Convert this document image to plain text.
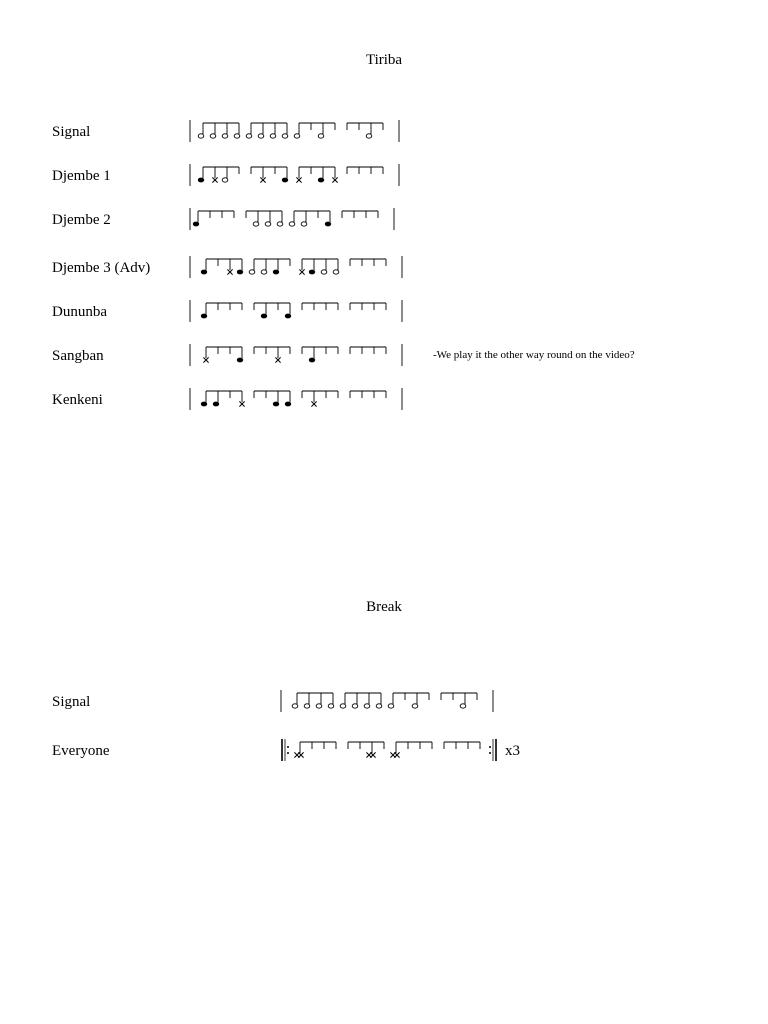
Tiriba
Signal
Djembe 1
Djembe 2
Djembe 3 (Adv)
Dununba
Sangban	-We play it the other way round on the video?
Kenkeni
Break
Signal
Everyone	x3
